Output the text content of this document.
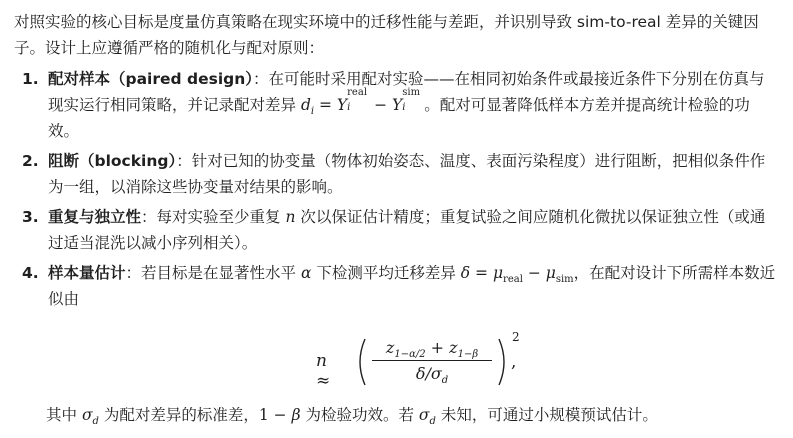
对照实验的核心目标是度量仿真策略在现实环境中的迁移性能与差距，并识别导致 sim-to-real 差异的关键因子。设计上应遵循严格的随机化与配对原则：

1. 配对样本（paired design）：在可能时采用配对实验——在相同初始条件或最接近条件下分别在仿真与现实运行相同策略，并记录配对差异 $d_i = Y$
real
i − Y
sim
i 。配对可显著降低样本方差并提高统计检验的功效。
2. 阻断（blocking）：针对已知的协变量（物体初始姿态、温度、表面污染程度）进行阻断，把相似条件作为一组，以消除这些协变量对结果的影响。
3. 重复与独立性：每对实验至少重复 n 次以保证估计精度；重复试验之间应随机化微扰以保证独立性（或通过适当混洗以减小序列相关）。
4. 样本量估计：若目标是在显著性水平 α 下检测平均迁移差异 $\delta = \mu_{real} - \mu_{sim}$，在配对设计下所需样本数近似由
n ≈
$z_{1-\alpha/2} + z_{1-\beta}$
$\delta/\sigma_d$
2
,
其中 $\sigma_d$ 为配对差异的标准差，1 − β 为检验功效。若 $\sigma_d$ 未知，可通过小规模预试估计。
